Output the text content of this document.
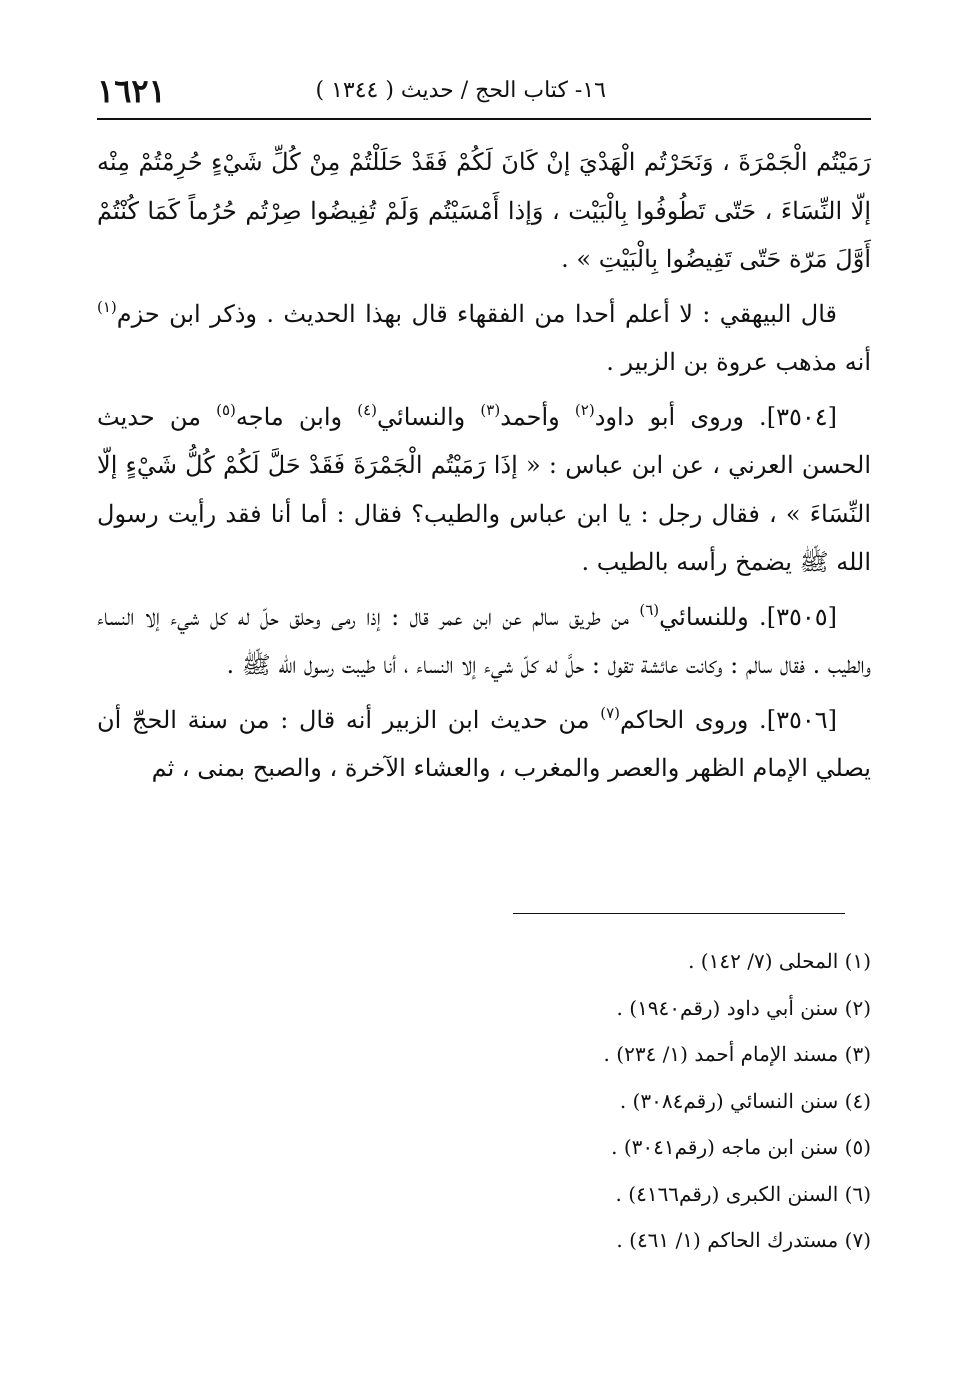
١٦٢١	١٦- كتاب الحج / حديث ( ١٣٤٤ )

رَمَيْتُم الْجَمْرَةَ ، وَنَحَرْتُم الْهَدْيَ إنْ كَانَ لَكُمْ فَقَدْ حَلَلْتُمْ مِنْ كُلِّ شَيْءٍ حُرِمْتُمْ مِنْه إلّا النِّسَاءَ ، حَتّى تَطُوفُوا بِالْبَيْت ، وَإذا أَمْسَيْتُم وَلَمْ تُفِيضُوا صِرْتُم حُرُماً كَمَا كُنْتُمْ أَوَّلَ مَرّة حَتّى تَفِيضُوا بِالْبَيْتِ » .

قال البيهقي : لا أعلم أحدا من الفقهاء قال بهذا الحديث . وذكر ابن حزم$^{(١)}$ أنه مذهب عروة بن الزبير .

[٣٥٠٤]. وروى أبو داود$^{(٢)}$ وأحمد$^{(٣)}$ والنسائي$^{(٤)}$ وابن ماجه$^{(٥)}$ من حديث الحسن العرني ، عن ابن عباس : « إذَا رَمَيْتُم الْجَمْرَةَ فَقَدْ حَلَّ لَكُمْ كُلُّ شَيْءٍ إلّا النِّسَاءَ » ، فقال رجل : يا ابن عباس والطيب؟ فقال : أما أنا فقد رأيت رسول الله ﷺ يضمخ رأسه بالطيب .

[٣٥٠٥]. وللنسائي$^{(٦)}$ من طريق سالم عن ابن عمر قال : إذا رمى وحلق حلّ له كل شيء إلا النساء والطيب . فقال سالم : وكانت عائشة تقول : حلَّ له كلّ شيء إلا النساء ، أنا طيبت رسول الله ﷺ .

[٣٥٠٦]. وروى الحاكم$^{(٧)}$ من حديث ابن الزبير أنه قال : من سنة الحجّ أن يصلي الإمام الظهر والعصر والمغرب ، والعشاء الآخرة ، والصبح بمنى ، ثم

(١) المحلى (٧/ ١٤٢) .
(٢) سنن أبي داود (رقم١٩٤٠) .
(٣) مسند الإمام أحمد (١/ ٢٣٤) .
(٤) سنن النسائي (رقم٣٠٨٤) .
(٥) سنن ابن ماجه (رقم٣٠٤١) .
(٦) السنن الكبرى (رقم٤١٦٦) .
(٧) مستدرك الحاكم (١/ ٤٦١) .
